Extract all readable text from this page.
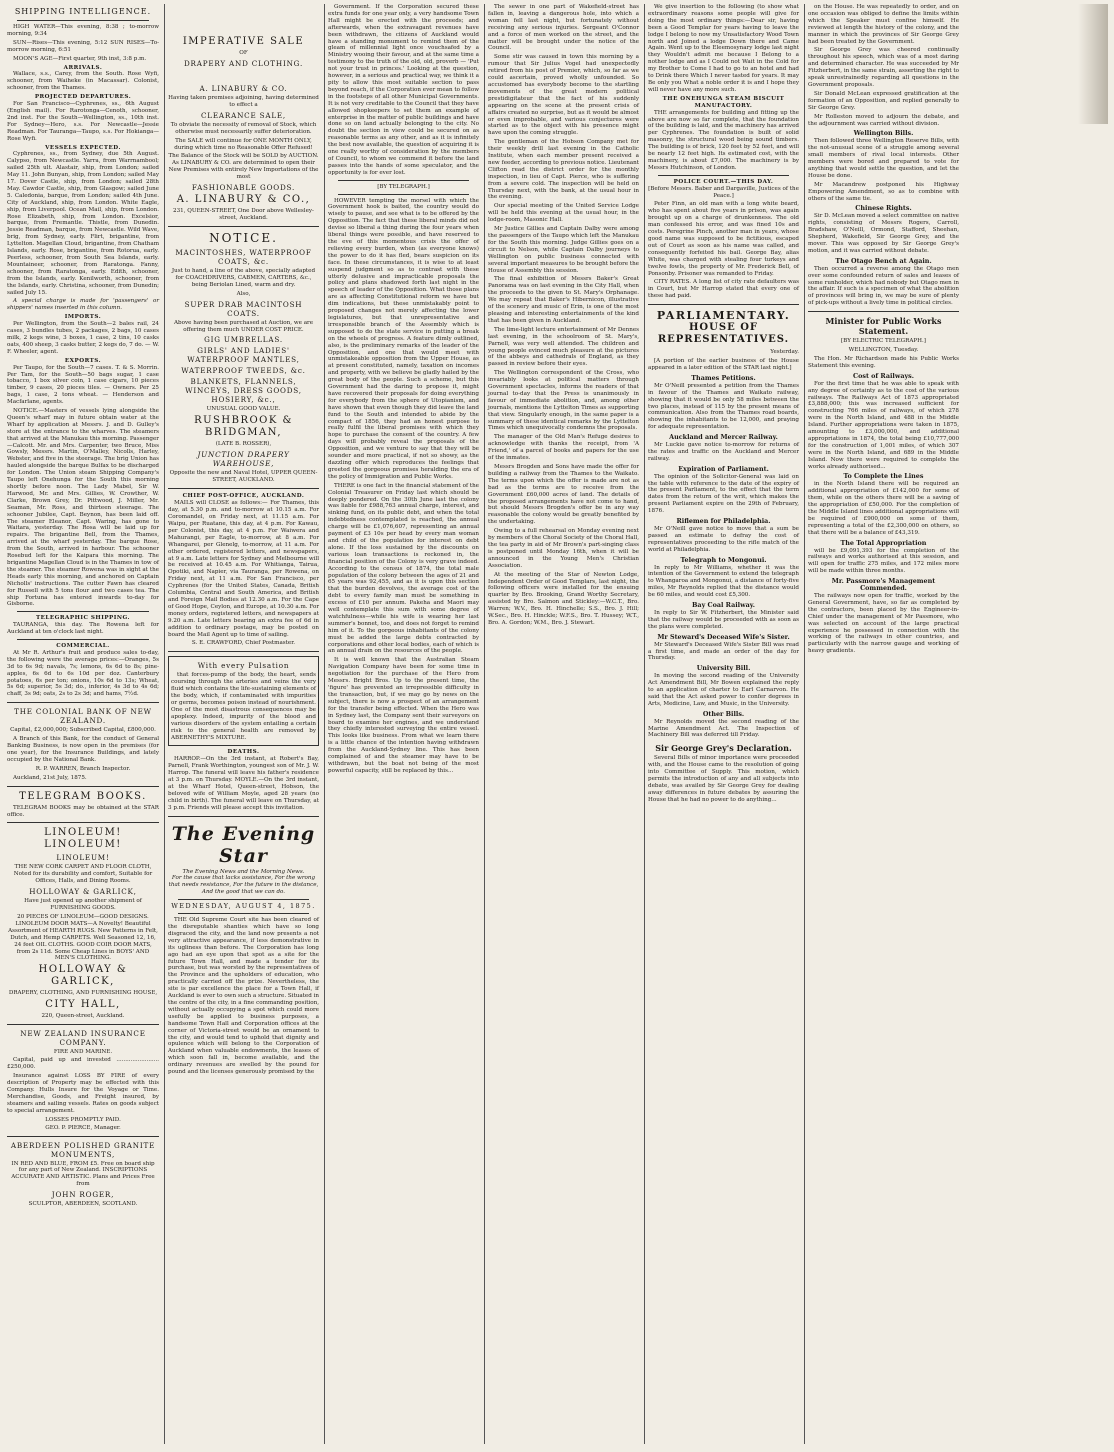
SHIPPING INTELLIGENCE.

HIGH WATER—This evening, 8:38 ; to-morrow morning, 9:34

SUN—Rises—This evening, 5:12 SUN RISES—To-morrow morning, 6:51

MOON'S AGE—First quarter, 9th inst, 3:8 p.m.

ARRIVALS.

Wallace, s.s., Carey, from the South. Rose Wyfi, schooner, from Waiheke (in Macassar). Colonist, schooner, from the Thames.

PROJECTED DEPARTURES.

For San Francisco—Cyphrenes, ss., 6th August (English mail). For Rarotonga—Cenoth, schooner, 2nd inst. For the South—Wellington, ss., 10th inst. For Sydney—Hero, s.s. For Newcastle—Jessie Readman. For Tauranga—Taupo, s.s. For Hokianga—Rose Wyfi.

VESSELS EXPECTED.

Cyphrenes, ss., from Sydney, due 5th August. Calypso, from Newcastle. Yarra, from Warrnambool; sailed 25th ult. Alastair, ship, from London; sailed May 11. John Bunyan, ship, from London; sailed May 17. Dover Castle, ship, from London; sailed 28th May. Cawdor Castle, ship, from Glasgow; sailed June 5. Caledonia, barque, from London; sailed 4th June. City of Auckland, ship, from London. White Eagle, ship, from Liverpool. Ocean Mail, ship, from London. Rose Elizabeth, ship, from London. Excelsior, barque, from Fremantle. Thistle, from Dunedin. Jessie Readman, barque, from Newcastle. Wild Wave, brig, from Sydney, early. Flirt, brigantine, from Lyttelton. Magellan Cloud, brigantine, from Chatham Islands, early. Rose, brigantine, from Rotorua, early. Peerless, schooner, from South Sea Islands, early. Mountaineer, schooner, from Raratonga. Fanny, schooner, from Raratonga, early. Edith, schooner, from the Islands, early. Kenilworth, schooner, from the Islands, early. Christina, schooner, from Dunedin; sailed July 15.

A special charge is made for 'passengers' or shippers' names inserted in this column.

IMPORTS.

Per Wellington, from the South—2 bales rail, 24 cases, 3 bundles tubes, 2 packages, 2 bags, 10 cases milk, 2 kegs wine, 3 boxes, 1 case, 2 tins, 10 casks oats, 400 sheep, 3 casks butter, 2 kegs do, 7 do. — W. F. Wheeler, agent.

EXPORTS.

Per Taupo, for the South—7 cases. T. & S. Morrin. Per Tam, for the South—50 bags sugar, 1 case tobacco, 1 box silver coin, 1 case cigars, 10 pieces timber, 9 cases, 20 pieces tiles. — Owners. Per 25 bags, 1 case, 2 tons wheat. — Henderson and Macfarlane, agents.

NOTICE.—Masters of vessels lying alongside the Queen's wharf may in future obtain water at the Wharf by application at Messrs. J. and D. Gulley's store at the entrance to the wharves. The steamers that arrived at the Manukau this morning. Passenger—Calcott. Mr. and Mrs. Carpenter, two Bruce, Miss Gowsly, Messrs. Martin, O'Malley, Nicolls, Harley, Webster, and five in the steerage. The brig Union has hauled alongside the barque Bulfax to be discharged for London. The Union steam Shipping Company's Taupo left Onehunga for the South this morning shortly before noon. The Lady Mabel, Sir W. Harwood, Mr. and Mrs. Gillies, W. Crowther, W. Clarke, Brown Grey, Dr. Pittwood, J. Miller, Mr. Seaman, Mr. Ross, and thirteen steerage. The schooner Jubilee, Capt. Beynon, has been laid off. The steamer Eleanor, Capt. Waring, has gone to Waitara, yesterday. The Rosa will be laid up for repairs. The brigantine Bell, from the Thames, arrived at the wharf yesterday. The barque Rose, from the South, arrived in harbour. The schooner Rosebud left for the Kaipara this morning. The brigantine Magellan Cloud is in the Thames in tow of the steamer. The steamer Rowena was in sight at the Heads early this morning, and anchored on Captain Nicholls' instructions. The cutter Fawn has cleared for Russell with 5 tons flour and two cases tea. The ship Fortuna has entered inwards to-day for Gisborne.

TELEGRAPHIC SHIPPING.

TAURANGA, this day. The Rowena left for Auckland at ten o'clock last night.

COMMERCIAL.

At Mr R. Arthur's fruit and produce sales to-day, the following were the average prices:—Oranges, 5s 3d to 6s 9d; navals, 7s; lemons, 6s 6d to 8s; pine-apples, 6s 6d to 6s 10d per doz. Canterbury potatoes, 6s per ton; onions, 10s 6d to 13s; Wheat, 5s 6d; superior, 5s 3d; do., inferior, 4s 3d to 4s 6d; chaff, 3s 9d; oats, 2s to 2s 3d; and hams, 7½d.

THE COLONIAL BANK OF NEW ZEALAND.

Capital, £2,000,000; Subscribed Capital, £800,000.

A Branch of this Bank, for the conduct of General Banking Business, is now open in the premises (for one year), for the Insurance Buildings, and lately occupied by the National Bank.

R. P. WARREN, Branch Inspector.

Auckland, 21st July, 1875.

TELEGRAM BOOKS.

TELEGRAM BOOKS may be obtained at the STAR office.

LINOLEUM! LINOLEUM!
LINOLEUM!

THE NEW CORK CARPET AND FLOOR CLOTH, Noted for its durability and comfort, Suitable for Offices, Halls, and Dining Rooms.

HOLLOWAY & GARLICK,

Have just opened up another shipment of FURNISHING GOODS.

20 PIECES OF LINOLEUM—GOOD DESIGNS. LINOLEUM DOOR MATS—A Novelty! Beautiful Assortment of HEARTH RUGS. New Patterns in Felt, Dutch, and Hemp CARPETS. Well Seasoned 12, 16, 24 feet OIL CLOTHS. GOOD COIR DOOR MATS, from 2s 11d. Some Cheap Lines in BOYS' AND MEN'S CLOTHING.

HOLLOWAY & GARLICK,
DRAPERY, CLOTHING, AND FURNISHING HOUSE,
CITY HALL,
220, Queen-street, Auckland.
NEW ZEALAND INSURANCE COMPANY.
FIRE AND MARINE.

Capital, paid up and invested ........................ £250,000.

Insurance against LOSS BY FIRE of every description of Property may be effected with this Company. Hulls Insure for the Voyage or Time. Merchandise, Goods, and Freight insured, by steamers and sailing vessels. Rates on goods subject to special arrangement.

LOSSES PROMPTLY PAID.
GEO. P. PIERCE, Manager.
ABERDEEN POLISHED GRANITE MONUMENTS,

IN RED AND BLUE, FROM £5. Free on board ship for any part of New Zealand. INSCRIPTIONS ACCURATE AND ARTISTIC. Plans and Prices Free from

JOHN ROGER,
SCULPTOR, ABERDEEN, SCOTLAND.
IMPERATIVE SALE
OF
DRAPERY AND CLOTHING.
A. LINABURY & CO.

Having taken premises adjoining, having determined to effect a

CLEARANCE SALE,

To obviate the necessity of removal of Stock, which otherwise must necessarily suffer deterioration.

The SALE will continue for ONE MONTH ONLY, during which time no Reasonable Offer Refused!

The Balance of the Stock will be SOLD by AUCTION. As LINABURY & CO. are determined to open their New Premises with entirely New Importations of the most

FASHIONABLE GOODS.
A. LINABURY & CO.,

231, QUEEN-STREET, One Door above Wellesley-street, Auckland.

NOTICE.
MACINTOSHES, WATERPROOF COATS, &c.

Just to hand, a line of the above, specially adapted for COACHDRIVERS, CABMEN, CARTERS, &c., being Beriolan Lined, warm and dry.

Also,
SUPER DRAB MACINTOSH COATS.

Above having been purchased at Auction, we are offering them much UNDER COST PRICE.

GIG UMBRELLAS.
GIRLS' AND LADIES' WATERPROOF MANTLES,
WATERPROOF TWEEDS, &c.
BLANKETS, FLANNELS, WINCEYS, DRESS GOODS, HOSIERY, &c.,
UNUSUAL GOOD VALUE.
RUSHBROOK & BRIDGMAN,
(LATE B. ROSSER),
JUNCTION DRAPERY WAREHOUSE,
Opposite the new and Naval Hotel, UPPER QUEEN-STREET, AUCKLAND.
CHIEF POST-OFFICE, AUCKLAND.

MAILS will CLOSE as follows:— For Thames, this day, at 5.30 p.m. and to-morrow at 10.15 a.m. For Coromandel, on Friday next, at 11.15 a.m. For Waipu, per Ruatane, this day, at 4 p.m. For Kawau, per Colonist, this day, at 4 p.m. For Waiwera and Mahurangi, per Eagle, to-morrow, at 8 a.m. For Whangarei, per Glenelg, to-morrow, at 11 a.m. For other ordered, registered letters, and newspapers, at 9 a.m. Late letters for Sydney and Melbourne will be received at 10.45 a.m. For Whitianga, Tairua, Opotiki, and Napier, via Tauranga, per Rowena, on Friday next, at 11 a.m. For San Francisco, per Cyphrenes (for the United States, Canada, British Columbia, Central and South America, and British and Foreign Mail Bodies at 12.30 a.m. For the Cape of Good Hope, Ceylon, and Europe, at 10.30 a.m. For money orders, registered letters, and newspapers at 9.20 a.m. Late letters bearing an extra fee of 6d in addition to ordinary postage, may be posted on board the Mail Agent up to time of sailing.

S. E. CRAWFORD, Chief Postmaster.

With every Pulsation

that forces-pump of the body, the heart, sends coursing through the arteries and veins the very fluid which contains the life-sustaining elements of the body, which, if contaminated with impurities or germs, becomes poison instead of nourishment. One of the most disastrous consequences may be apoplexy. Indeed, impurity of the blood and various disorders of the system entailing a certain risk to the general health are removed by ABERNETHY'S MIXTURE.

DEATHS.

HARROP.—On the 3rd instant, at Robert's Bay, Parnell, Frank Worthington, youngest son of Mr. J. W. Harrop. The funeral will leave his father's residence at 3 p.m. on Thursday. MOYLE.—On the 3rd instant, at the Wharf Hotel, Queen-street, Hobson, the beloved wife of William Moyle, aged 28 years (no child in birth). The funeral will leave on Thursday, at 3 p.m. Friends will please accept this invitation.

The Evening Star
The Evening News and the Morning News.

For the cause that lacks assistance, For the wrong that needs resistance, For the future in the distance, And the good that we can do.

WEDNESDAY, AUGUST 4, 1875.

THE Old Supreme Court site has been cleared of the disreputable shanties which have so long disgraced the city, and the land now presents a not very attractive appearance, if less demonstrative in its ugliness than before. The Corporation has long ago had an eye upon that spot as a site for the future Town Hall, and made a tender for its purchase, but was worsted by the representatives of the Province and the upholders of education, who practically carried off the prize. Nevertheless, the site is par excellence the place for a Town Hall, if Auckland is ever to own such a structure. Situated in the centre of the city, in a fine commanding position, without actually occupying a spot which could more usefully be applied to business purposes, a handsome Town Hall and Corporation offices at the corner of Victoria-street would be an ornament to the city, and would tend to uphold that dignity and opulence which will belong to the Corporation of Auckland when valuable endowments, the leases of which soon fall in, become available, and the ordinary revenues are swelled by the pound for pound and the licenses generously promised by the

Government. If the Corporation secured these extra funds for one year only, a very handsome Town Hall might be erected with the proceeds; and afterwards, when the extravagant revenues have been withdrawn, the citizens of Auckland would have a standing monument to remind them of the gleam of millennial light once vouchsafed by a Ministry wooing their favour, and at the same time a testimony to the truth of the old, old, proverb — 'Put not your trust in princes.' Looking at the question, however, in a serious and practical way, we think it a pity to allow this most suitable section to pass beyond reach, if the Corporation ever mean to follow in the footsteps of all other Municipal Governments. It is not very creditable to the Council that they have allowed shopkeepers to set them an example of enterprise in the matter of public buildings and have done so on land actually belonging to the city. No doubt the section in view could be secured on as reasonable terms as any other, and as it is infinitely the best now available, the question of acquiring it is one really worthy of consideration by the members of Council, to whom we commend it before the land passes into the hands of some speculator, and the opportunity is for ever lost.

[BY TELEGRAPH.]

HOWEVER tempting the morsel with which the Government hook is baited, the country would do wisely to pause, and see what is to be offered by the Opposition. The fact that these liberal minds did not devise so liberal a thing during the four years when liberal things were possible, and have reserved to the eve of this momentous crisis the offer of relieving every burden, when (as everyone knows) the power to do it has fled, bears suspicion on its face. In these circumstances, it is wise to at least suspend judgment so as to contrast with these utterly delusive and impracticable proposals the policy and plans shadowed forth last night in the speech of leader of the Opposition. What those plans are as affecting Constitutional reform we have but dim indications, but these unmistakably point to proposed changes not merely affecting the lower legislatures, but that unrepresentative and irresponsible branch of the Assembly which is supposed to do the state service in putting a break on the wheels of progress. A feature dimly outlined, also, is the preliminary remarks of the leader of the Opposition, and one that would meet with unmistakeable opposition from the Upper House, as at present constituted, namely, taxation on incomes and property, with we believe be gladly hailed by the great body of the people. Such a scheme, but this Government had the daring to propose it, might have recovered their proposals for doing everything for everybody from the sphere of Utopianism, and have shown that even though they did leave the land fund to the South and intended to abide by the compact of 1856, they had an honest purpose to really fulfil the liberal promises with which they hope to purchase the consent of the country. A few days will probably reveal the proposals of the Opposition, and we venture to say that they will be sounder and more practical, if not so showy, as the dazzling offer which reproduces the feelings that greeted the gorgeous promises heralding the era of the policy of Immigration and Public Works.

THERE is one fact in the financial statement of the Colonial Treasurer on Friday last which should be deeply pondered. On the 30th June last the colony was liable for £988,763 annual charge, interest, and sinking fund, on its public debt, and when the total indebtedness contemplated is reached, the annual charge will be £1,076,607, representing an annual payment of £3 10s per head by every man woman and child of the population for interest on debt alone. If the loss sustained by the discounts on various loan transactions is reckoned in, the financial position of the Colony is very grave indeed. According to the census of 1874, the total male population of the colony between the ages of 21 and 65 years was 92,455, and as it is upon this section that the burden devolves, the average cost of the debt to every family man must be something in excess of £10 per annum. Pakeha and Maori may well contemplate this sum with some degree of watchfulness—while his wife is wearing her last summer's bonnet, too, and does not forget to remind him of it. To the gorgeous inhabitants of the colony must be added the large debts contracted by corporations and other local bodies, each of which is an annual drain on the resources of the people.

It is well known that the Australian Steam Navigation Company have been for some time in negotiation for the purchase of the Hero from Messrs. Bright Bros. Up to the present time, the 'figure' has prevented an irrepressible difficulty in the transaction, but, if we may go by news on the subject, there is now a prospect of an arrangement for the transfer being effected. When the Hero was in Sydney last, the Company sent their surveyors on board to examine her engines, and we understand they chiefly interested surveying the entire vessel. This looks like business. From what we learn there is a little chance of the intention having withdrawn from the Auckland-Sydney line. This has been complained of and the steamer may have to be withdrawn, but the boat not being of the most powerful capacity, still be replaced by this...

The sewer in one part of Wakefield-street has fallen in, leaving a dangerous hole, into which a woman fell last night, but fortunately without receiving any serious injuries. Sergeant O'Connor and a force of men worked on the street, and the matter will be brought under the notice of the Council.

Some stir was caused in town this morning by a rumour that Sir Julius Vogel had unexpectedly retired from his post of Premier, which, so far as we could ascertain, proved wholly unfounded. So accustomed has everybody become to the startling movements of the great modern political prestidigitateur that the fact of his suddenly appearing on the scene at the present crisis of affairs created no surprise, but as it would be almost or even improbable, and various conjectures were started as to the object with his presence might have upon the coming struggle.

The gentleman of the Hobson Company met for their weekly drill last evening in the Catholic Institute, when each member present received a new feeder, according to previous notice. Lieutenant Clifton read the district order for the monthly inspection, in lieu of Capt. Pierce, who is suffering from a severe cold. The inspection will be held on Thursday next, with the bank, at the usual hour in the evening.

Our special meeting of the United Service Lodge will be held this evening at the usual hour, in the lodge-room, Masonic Hall.

Mr Justice Gillies and Captain Dalby were among the passengers of the Taupo which left the Manukau for the South this morning. Judge Gillies goes on a circuit to Nelson, while Captain Dalby journeys to Wellington on public business connected with several important measures to be brought before the House of Assembly this session.

The final exhibition of Messrs Baker's Great Panorama was on last evening in the City Hall, when the proceeds to the given to St. Mary's Orphanage. We may repeat that Baker's Hibernicon, illustrative of the scenery and music of Erin, is one of the most pleasing and interesting entertainments of the kind that has been given in Auckland.

The lime-light lecture entertainment of Mr Dennes last evening, in the schoolroom of St. Mary's, Parnell, was very well attended. The children and young people evinced much pleasure at the pictures of the abbeys and cathedrals of England, as they passed in review before their eyes.

The Wellington correspondent of the Cross, who invariably looks at political matters through Government spectacles, informs the readers of that journal to-day that the Press is unanimously in favour of immediate abolition, and, among other journals, mentions the Lyttelton Times as supporting that view. Singularly enough, in the same paper is a summary of these identical remarks by the Lyttelton Times which unequivocally condemns the proposals.

The manager of the Old Man's Refuge desires to acknowledge with thanks the receipt, from 'A Friend,' of a parcel of books and papers for the use of the inmates.

Messrs Brogden and Sons have made the offer for building a railway from the Thames to the Waikato. The terms upon which the offer is made are not as bad as the terms are to receive from the Government £60,000 acres of land. The details of the proposed arrangements have not come to hand, but should Messrs Brogden's offer be in any way reasonable the colony would be greatly benefited by the undertaking.

Owing to a full rehearsal on Monday evening next by members of the Choral Society of the Choral Hall, the tea party in aid of Mr Brown's part-singing class is postponed until Monday 16th, when it will be announced in the Young Men's Christian Association.

At the meeting of the Star of Newton Lodge, Independent Order of Good Templars, last night, the following officers were installed for the ensuing quarter by Bro. Brooking, Grand Worthy Secretary, assisted by Bro. Salmon and Stickley:—W.C.T., Bro. Warren; W.V., Bro. H. Hinchelle; S.S., Bro. J. Hill; W.Sec., Bro. H. Hinckle; W.F.S., Bro. T. Hussey; W.T., Bro. A. Gordon; W.M., Bro. J. Stewart.

We give insertion to the following (to show what extraordinary reasons some people will give for doing the most ordinary things:—Dear sir, having been a Good Templar for years having to leave the lodge I belong to now my Unsatisfactory Wood Town north and Joined a lodge Down there and Came Again. Went up to the Eleemosynary lodge last night they Wouldn't admit me because I Belong to a nother lodge and as I Could not Wait in the Cold for my Brother to Come I had to go to an hotel and had to Drink there Which I never tasted for years. It may Be only you What a noble order it is and I hope they will never have any more such.

THE ONEHUNGA STEAM BISCUIT MANUFACTORY.

THE arrangements for building and fitting up the above are now so far complete, that the foundation of the building is laid, and the machinery has arrived per Cyphrenes. The foundation is built of solid masonry, the structural wood being sound timbers. The building is of brick, 120 feet by 52 feet, and will be nearly 12 feet high. Its estimated cost, with the machinery, is about £7,000. The machinery is by Messrs Hutchinson, of London.

POLICE COURT.—THIS DAY.

[Before Messrs. Baber and Dargaville, Justices of the Peace.]

Peter Finn, an old man with a long white beard, who has spent about five years in prison, was again brought up on a charge of drunkenness. The old man confessed his error, and was fined 10s and costs. Peregrine Pinch, another man in years, whose good name was supposed to be fictitious, escaped out of Court as soon as his name was called, and consequently forfeited his bail. George Bay, alias White, was charged with stealing four turkeys and twelve fowls, the property of Mr. Frederick Bell, of Ponsonby. Prisoner was remanded to Friday.

CITY RATES. A long list of city rate defaulters was in Court, but Mr Harrop stated that every one of these had paid.

PARLIAMENTARY.
HOUSE OF REPRESENTATIVES.

Yesterday.

[A portion of the earlier business of the House appeared in a later edition of the STAR last night.]

Thames Petitions.

Mr O'Neill presented a petition from the Thames in favour of the Thames and Waikato railway, showing that it would be only 58 miles between the two places, instead of 115 by the present means of communication. Also from the Thames road boards, showing the inhabitants to be 12,000, and praying for adequate representation.

Auckland and Mercer Railway.

Mr Luckie gave notice to-morrow for returns of the rates and traffic on the Auckland and Mercer railway.

Expiration of Parliament.

The opinion of the Solicitor-General was laid on the table with reference to the date of the expiry of the present Parliament, to the effect that the term dates from the return of the writ, which makes the present Parliament expire on the 29th of February, 1876.

Riflemen for Philadelphia.

Mr O'Neill gave notice to move that a sum be passed an estimate to defray the cost of representatives proceeding to the rifle match of the world at Philadelphia.

Telegraph to Mongonui.

In reply to Mr Williams, whether it was the intention of the Government to extend the telegraph to Whangaroa and Mongonui, a distance of forty-five miles, Mr Reynolds replied that the distance would be 60 miles, and would cost £5,300.

Bay Coal Railway.

In reply to Sir W. Fitzherbert, the Minister said that the railway would be proceeded with as soon as the plans were completed.

Mr Steward's Deceased Wife's Sister.

Mr Steward's Deceased Wife's Sister Bill was read a first time, and made an order of the day for Thursday.

University Bill.

In moving the second reading of the University Act Amendment Bill, Mr Bowen explained the reply to an application of charter to Earl Carnarvon. He said that the Act asked power to confer degrees in Arts, Medicine, Law, and Music, in the University.

Other Bills.

Mr Reynolds moved the second reading of the Marine Amendment Act. The Inspection of Machinery Bill was deferred till Friday.

Sir George Grey's Declaration.

Several Bills of minor importance were proceeded with, and the House came to the resolution of going into Committee of Supply. This motion, which permits the introduction of any and all subjects into debate, was availed by Sir George Grey for dealing away differences in future debates by assuring the House that he had no power to do anything...

on the House. He was repeatedly to order, and on one occasion was obliged to define the limits within which the Speaker must confine himself. He reviewed at length the history of the colony, and the manner in which the provinces of Sir George Grey had been treated by the Government.

Sir George Grey was cheered continually throughout his speech, which was of a most daring and determined character. He was succeeded by Mr Fitzherbert, in the same strain, asserting the right to speak unrestrainedly regarding all questions in the Government proposals.

Sir Donald McLean expressed gratification at the formation of an Opposition, and replied generally to Sir George Grey.

Mr Rolleston moved to adjourn the debate, and the adjournment was carried without division.

Wellington Bills.

Then followed three Wellington Reserve Bills, with the not-unusual scene of a struggle among several small members of rival local interests. Other members were bored and prepared to vote for anything that would settle the question, and let the House be done.

Mr Macandrew postponed his Highway Empowering Amendment, so as to combine with others of the same tie.

Chinese Rights.

Sir D. McLean moved a select committee on native rights, consisting of Messrs Rogers, Carroll, Bradshaw, O'Neill, Ormond, Stafford, Sheehan, Shepherd, Wakefield, Sir George Grey, and the mover. This was opposed by Sir George Grey's motion, and it was carried without debate.

The Otago Bench at Again.

Then occurred a reverse among the Otago men over some confounded return of sales and leases of some runholder, which had nobody but Otago men in the affair. If such is a specimen of what the abolition of provinces will bring in, we may be sure of plenty of pick-ups without a lively time in political circles.

Minister for Public Works Statement.
[BY ELECTRIC TELEGRAPH.]
WELLINGTON, Tuesday.

The Hon. Mr Richardson made his Public Works Statement this evening.

Cost of Railways.

For the first time that he was able to speak with any degree of certainty as to the cost of the various railways. The Railways Act of 1873 appropriated £3,888,000; this was increased sufficient for constructing 766 miles of railways, of which 278 were in the North Island, and 488 in the Middle Island. Further appropriations were taken in 1875, amounting to £3,000,000, and additional appropriations in 1874, the total being £10,777,000 for the construction of 1,001 miles, of which 307 were in the North Island, and 689 in the Middle Island. Now there were required to complete the works already authorised...

To Complete the Lines

in the North Island there will be required an additional appropriation of £142,000 for some of them, while on the others there will be a saving of the appropriation of £50,000. For the completion of the Middle Island lines additional appropriations will be required of £900,000 on some of them, representing a total of the £2,300,000 on others, so that there will be a balance of £43,319.

The Total Appropriation

will be £9,091,393 for the completion of the railways and works authorised at this session, and will open for traffic 275 miles, and 172 miles more will be made within three months.

Mr. Passmore's Management Commended.

The railways now open for traffic, worked by the General Government, have, so far as completed by the contractors, been placed by the Engineer-in-Chief under the management of Mr Passmore, who was selected on account of the large practical experience he possessed in connection with the working of the railways in other countries, and particularly with the narrow gauge and working of heavy gradients.
